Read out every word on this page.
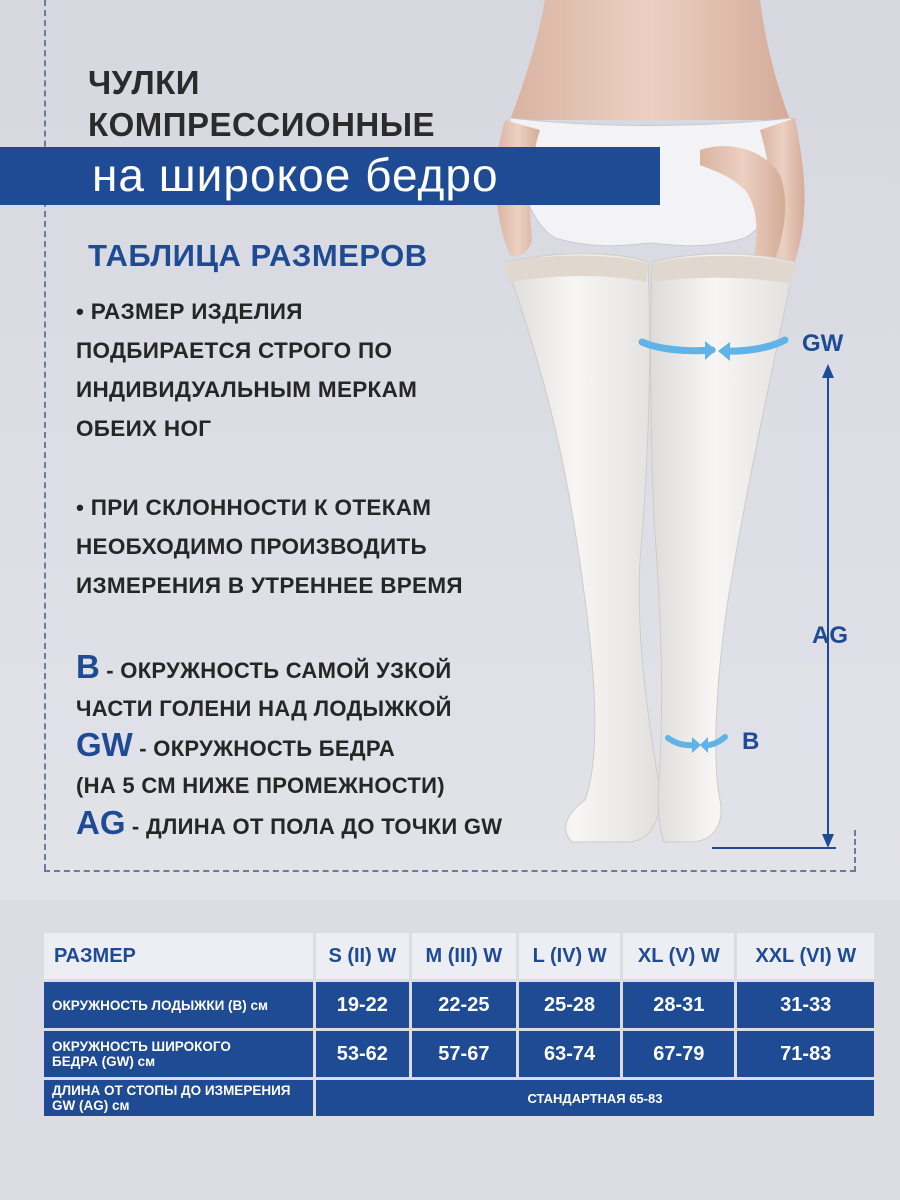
GW
AG
B
ЧУЛКИ
КОМПРЕССИОННЫЕ
на широкое бедро
ТАБЛИЦА РАЗМЕРОВ
• РАЗМЕР ИЗДЕЛИЯ
ПОДБИРАЕТСЯ СТРОГО ПО
ИНДИВИДУАЛЬНЫМ МЕРКАМ
ОБЕИХ НОГ
• ПРИ СКЛОННОСТИ К ОТЕКАМ
НЕОБХОДИМО ПРОИЗВОДИТЬ
ИЗМЕРЕНИЯ В УТРЕННЕЕ ВРЕМЯ
B - ОКРУЖНОСТЬ САМОЙ УЗКОЙ
ЧАСТИ ГОЛЕНИ НАД ЛОДЫЖКОЙ
GW - ОКРУЖНОСТЬ БЕДРА
(НА 5 СМ НИЖЕ ПРОМЕЖНОСТИ)
AG - ДЛИНА ОТ ПОЛА ДО ТОЧКИ GW
РАЗМЕР	S (II) W	M (III) W	L (IV) W	XL (V) W	XXL (VI) W
ОКРУЖНОСТЬ ЛОДЫЖКИ (В) см	19-22	22-25	25-28	28-31	31-33

ОКРУЖНОСТЬ ШИРОКОГО
БЕДРА (GW) см	53-62	57-67	63-74	67-79	71-83

ДЛИНА ОТ СТОПЫ ДО ИЗМЕРЕНИЯ
GW (AG) см	СТАНДАРТНАЯ 65-83				
